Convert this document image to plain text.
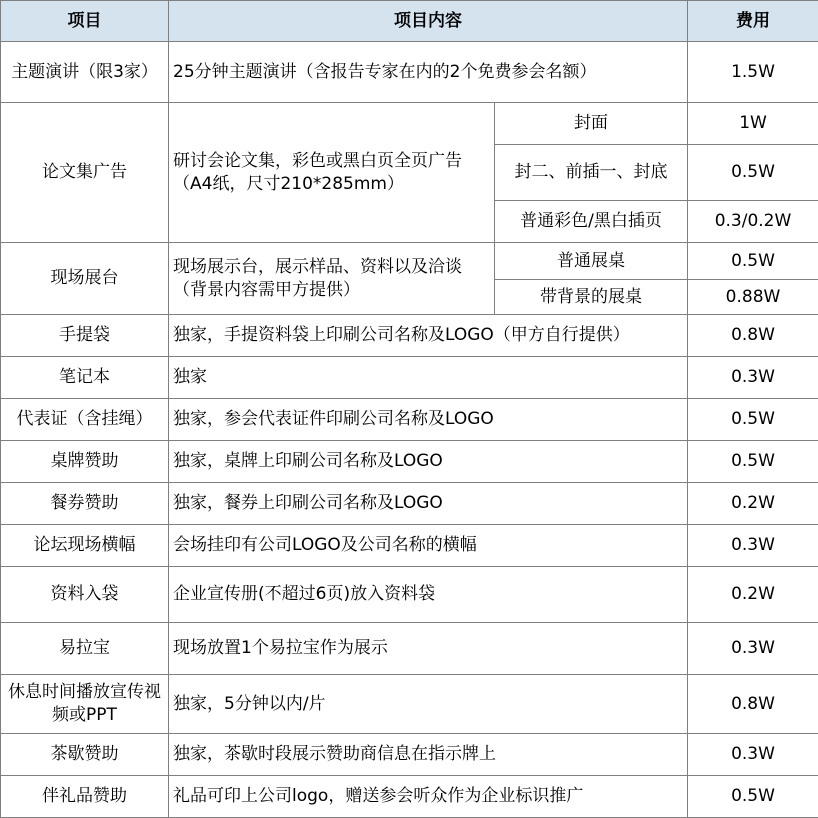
项目	项目内容		费用
主题演讲（限3家）	25分钟主题演讲（含报告专家在内的2个免费参会名额）		1.5W
论文集广告	研讨会论文集，彩色或黑白页全页广告（A4纸，尺寸210*285mm）	封面	1W
		封二、前插一、封底	0.5W
		普通彩色/黑白插页	0.3/0.2W
现场展台	现场展示台，展示样品、资料以及洽谈（背景内容需甲方提供）	普通展桌	0.5W
		带背景的展桌	0.88W
手提袋	独家，手提资料袋上印刷公司名称及LOGO（甲方自行提供）		0.8W
笔记本	独家		0.3W
代表证（含挂绳）	独家，参会代表证件印刷公司名称及LOGO		0.5W
桌牌赞助	独家，桌牌上印刷公司名称及LOGO		0.5W
餐券赞助	独家，餐券上印刷公司名称及LOGO		0.2W
论坛现场横幅	会场挂印有公司LOGO及公司名称的横幅		0.3W
资料入袋	企业宣传册(不超过6页)放入资料袋		0.2W
易拉宝	现场放置1个易拉宝作为展示		0.3W
休息时间播放宣传视频或PPT	独家，5分钟以内/片		0.8W
茶歇赞助	独家，茶歇时段展示赞助商信息在指示牌上		0.3W
伴礼品赞助	礼品可印上公司logo，赠送参会听众作为企业标识推广		0.5W
